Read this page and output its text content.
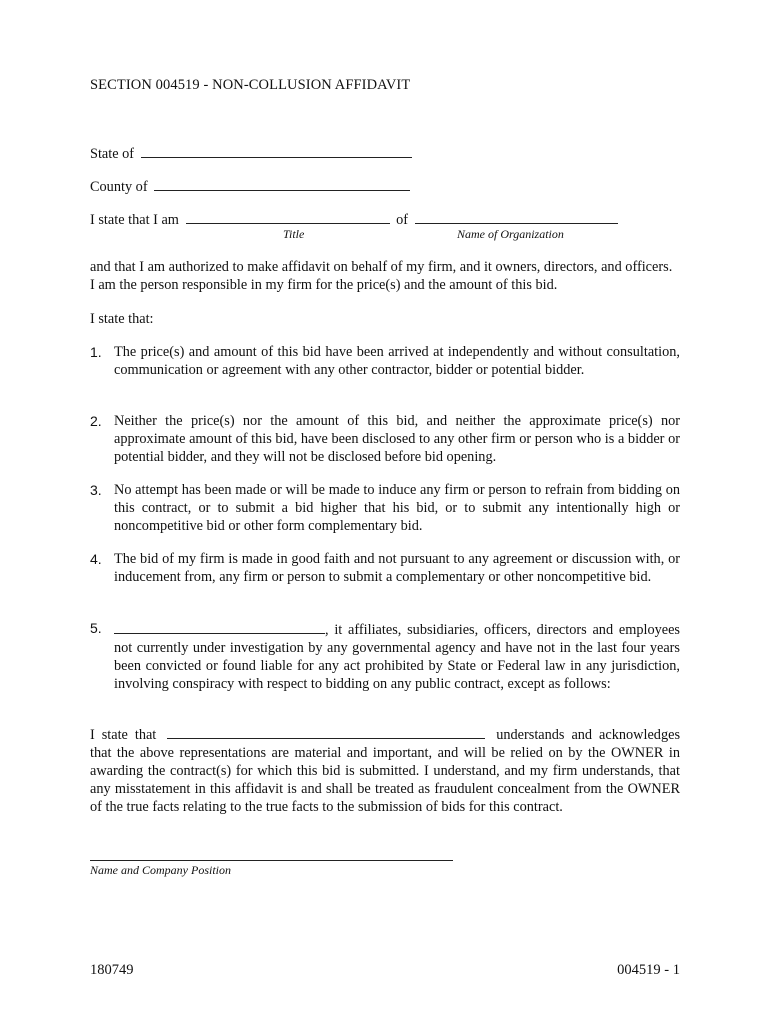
SECTION 004519 - NON-COLLUSION AFFIDAVIT
State of
County of
I state that I am	of
Title	Name of Organization
and that I am authorized to make affidavit on behalf of my firm, and it owners, directors, and officers. I am the person responsible in my firm for the price(s) and the amount of this bid.
I state that:
1. The price(s) and amount of this bid have been arrived at independently and without consultation, communication or agreement with any other contractor, bidder or potential bidder.
2. Neither the price(s) nor the amount of this bid, and neither the approximate price(s) nor approximate amount of this bid, have been disclosed to any other firm or person who is a bidder or potential bidder, and they will not be disclosed before bid opening.
3. No attempt has been made or will be made to induce any firm or person to refrain from bidding on this contract, or to submit a bid higher that his bid, or to submit any intentionally high or noncompetitive bid or other form complementary bid.
4. The bid of my firm is made in good faith and not pursuant to any agreement or discussion with, or inducement from, any firm or person to submit a complementary or other noncompetitive bid.
5.	, it affiliates, subsidiaries, officers, directors and employees not currently under investigation by any governmental agency and have not in the last four years been convicted or found liable for any act prohibited by State or Federal law in any jurisdiction, involving conspiracy with respect to bidding on any public contract, except as follows:
I state that	understands and acknowledges that the above representations are material and important, and will be relied on by the OWNER in awarding the contract(s) for which this bid is submitted. I understand, and my firm understands, that any misstatement in this affidavit is and shall be treated as fraudulent concealment from the OWNER of the true facts relating to the true facts to the submission of bids for this contract.
Name and Company Position
180749	004519 - 1
